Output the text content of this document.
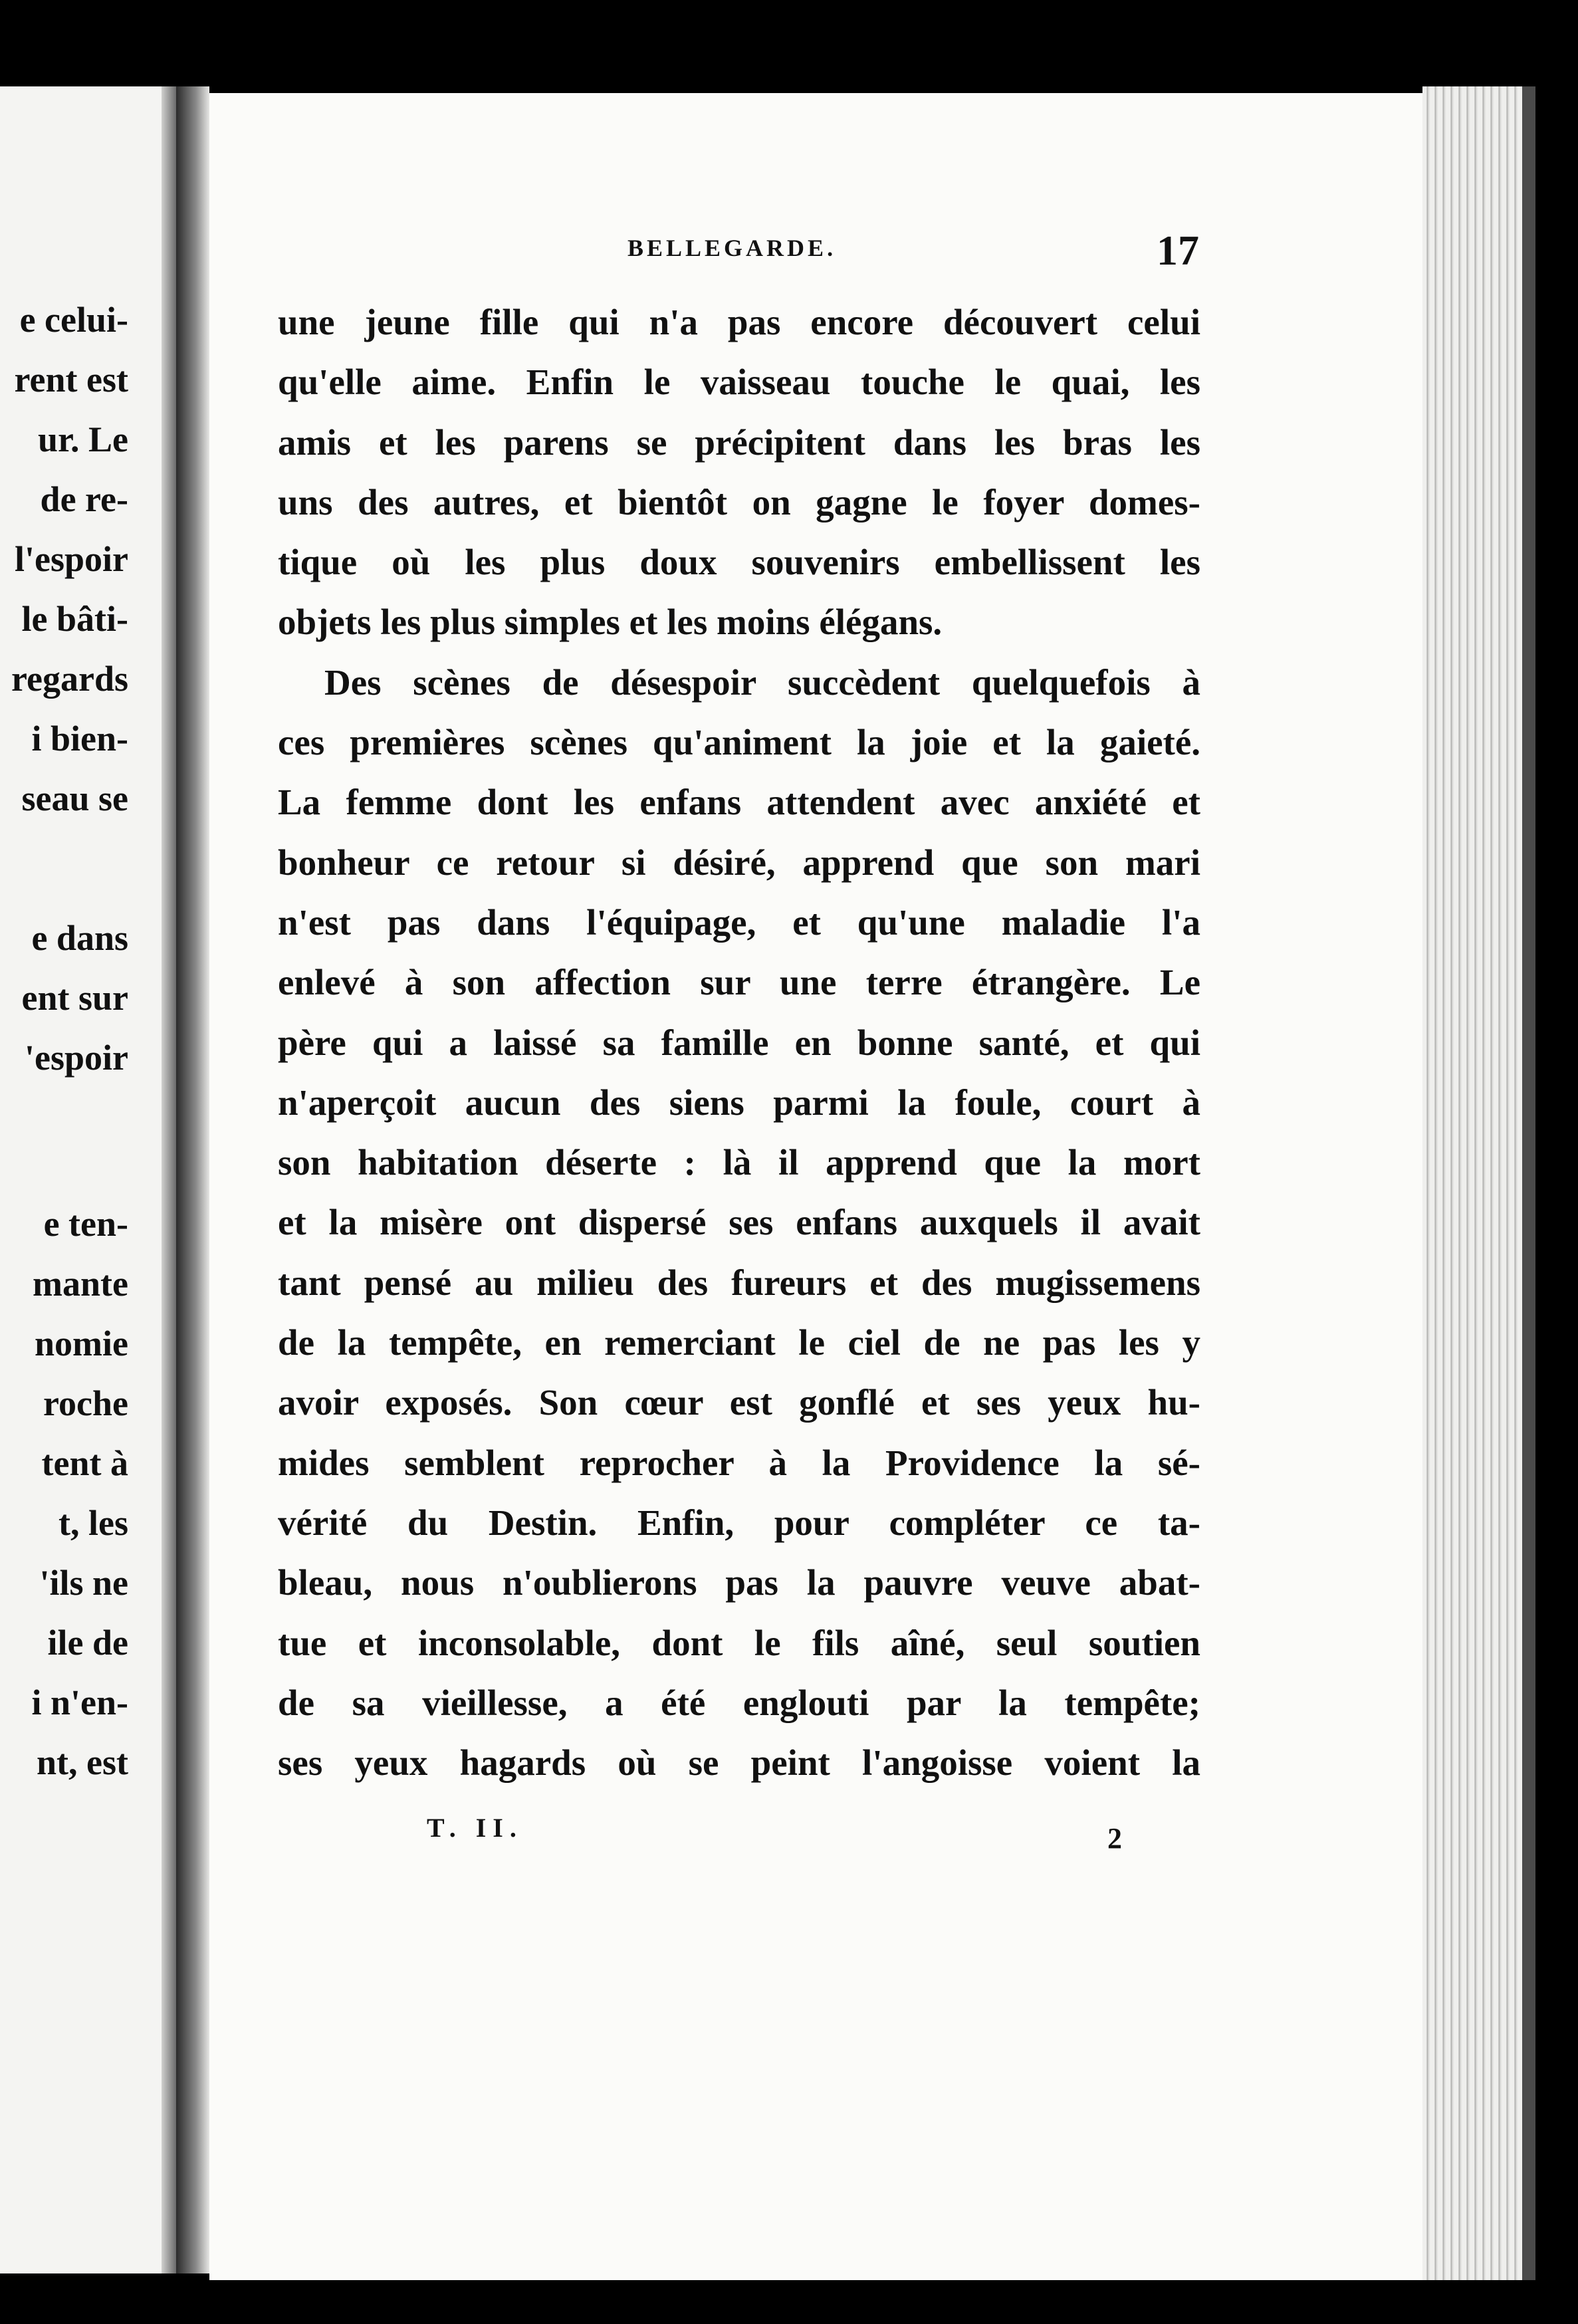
e celui-
rent est
ur. Le
de re-
l'espoir
le bâti-
regards
i bien-
seau se
e dans
ent sur
'espoir
e ten-
mante
nomie
roche
tent à
t, les
'ils ne
ile de
i n'en-
nt, est
BELLEGARDE.	17
une jeune fille qui n'a pas encore découvert celui
qu'elle aime. Enfin le vaisseau touche le quai, les
amis et les parens se précipitent dans les bras les
uns des autres, et bientôt on gagne le foyer domes-
tique où les plus doux souvenirs embellissent les
objets les plus simples et les moins élégans.
Des scènes de désespoir succèdent quelquefois à
ces premières scènes qu'animent la joie et la gaieté.
La femme dont les enfans attendent avec anxiété et
bonheur ce retour si désiré, apprend que son mari
n'est pas dans l'équipage, et qu'une maladie l'a
enlevé à son affection sur une terre étrangère. Le
père qui a laissé sa famille en bonne santé, et qui
n'aperçoit aucun des siens parmi la foule, court à
son habitation déserte : là il apprend que la mort
et la misère ont dispersé ses enfans auxquels il avait
tant pensé au milieu des fureurs et des mugissemens
de la tempête, en remerciant le ciel de ne pas les y
avoir exposés. Son cœur est gonflé et ses yeux hu-
mides semblent reprocher à la Providence la sé-
vérité du Destin. Enfin, pour compléter ce ta-
bleau, nous n'oublierons pas la pauvre veuve abat-
tue et inconsolable, dont le fils aîné, seul soutien
de sa vieillesse, a été englouti par la tempête;
ses yeux hagards où se peint l'angoisse voient la
T. II.	2
